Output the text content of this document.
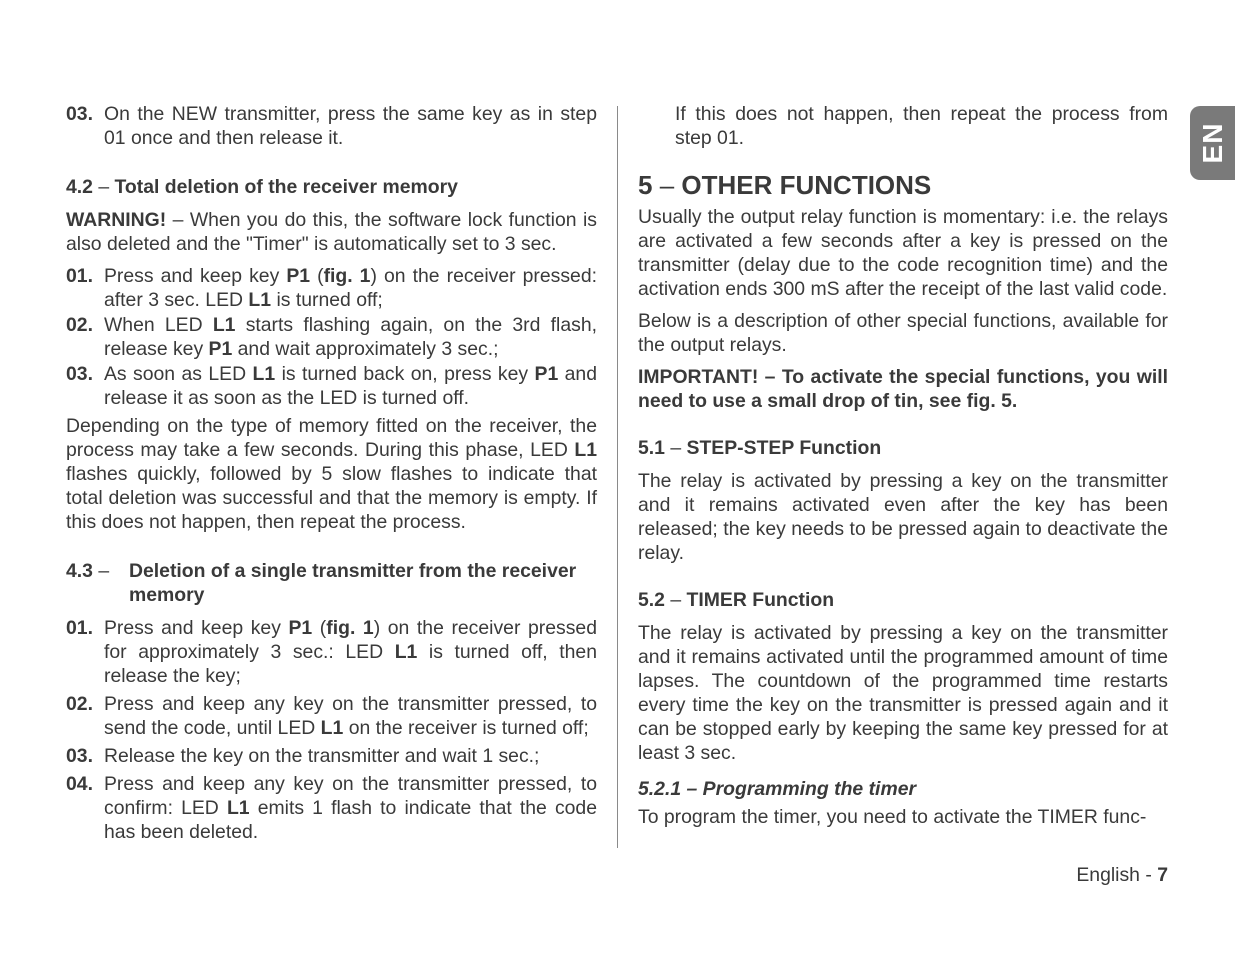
EN
03. On the NEW transmitter, press the same key as in step 01 once and then release it.
4.2 – Total deletion of the receiver memory

WARNING! – When you do this, the software lock function is also deleted and the "Timer" is automatically set to 3 sec.

01. Press and keep key P1 (fig. 1) on the receiver pressed: after 3 sec. LED L1 is turned off;
02. When LED L1 starts flashing again, on the 3rd flash, release key P1 and wait approximately 3 sec.;
03. As soon as LED L1 is turned back on, press key P1 and release it as soon as the LED is turned off.

Depending on the type of memory fitted on the receiver, the process may take a few seconds. During this phase, LED L1 flashes quickly, followed by 5 slow flashes to indicate that total deletion was successful and that the memory is empty. If this does not happen, then repeat the process.

4.3 – Deletion of a single transmitter from the receiver memory
01. Press and keep key P1 (fig. 1) on the receiver pressed for approximately 3 sec.: LED L1 is turned off, then release the key;
02. Press and keep any key on the transmitter pressed, to send the code, until LED L1 on the receiver is turned off;
03. Release the key on the transmitter and wait 1 sec.;
04. Press and keep any key on the transmitter pressed, to confirm: LED L1 emits 1 flash to indicate that the code has been deleted.

If this does not happen, then repeat the process from step 01.

5 – OTHER FUNCTIONS

Usually the output relay function is momentary: i.e. the relays are activated a few seconds after a key is pressed on the transmitter (delay due to the code recognition time) and the activation ends 300 mS after the receipt of the last valid code.

Below is a description of other special functions, available for the output relays.

IMPORTANT! – To activate the special functions, you will need to use a small drop of tin, see fig. 5.

5.1 – STEP-STEP Function

The relay is activated by pressing a key on the transmitter and it remains activated even after the key has been released; the key needs to be pressed again to deactivate the relay.

5.2 – TIMER Function

The relay is activated by pressing a key on the transmitter and it remains activated until the programmed amount of time lapses. The countdown of the programmed time restarts every time the key on the transmitter is pressed again and it can be stopped early by keeping the same key pressed for at least 3 sec.

5.2.1 – Programming the timer

To program the timer, you need to activate the TIMER func-

English - 7
